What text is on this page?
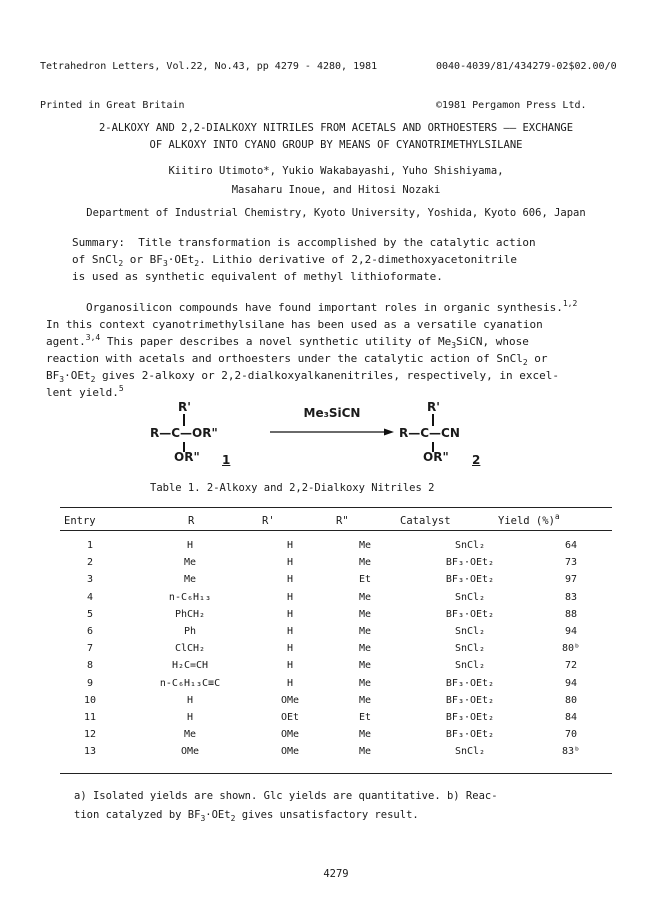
Tetrahedron Letters, Vol.22, No.43, pp 4279 - 4280, 1981

Printed in Great Britain

0040-4039/81/434279-02$02.00/0

©1981 Pergamon Press Ltd.

2-ALKOXY AND 2,2-DIALKOXY NITRILES FROM ACETALS AND ORTHOESTERS —— EXCHANGE
OF ALKOXY INTO CYANO GROUP BY MEANS OF CYANOTRIMETHYLSILANE
Kiitiro Utimoto*, Yukio Wakabayashi, Yuho Shishiyama,
Masaharu Inoue, and Hitosi Nozaki
Department of Industrial Chemistry, Kyoto University, Yoshida, Kyoto 606, Japan
Summary: Title transformation is accomplished by the catalytic action
of SnCl$_2$ or $BF_3\cdot OEt_2$. Lithio derivative of 2,2-dimethoxyacetonitrile
is used as synthetic equivalent of methyl lithioformate.
Organosilicon compounds have found important roles in organic synthesis.$^{1,2}$
In this context cyanotrimethylsilane has been used as a versatile cyanation
agent.$^{3,4}$ This paper describes a novel synthetic utility of $Me_3SiCN$, whose
reaction with acetals and orthoesters under the catalytic action of SnCl$_2$ or
$BF_3\cdot OEt_2$ gives 2-alkoxy or 2,2-dialkoxyalkanenitriles, respectively, in excel-
lent yield.$^5$
R'
R—C—OR"
OR" 1
Me₃SiCN	R'
R—C—CN
OR" 2
Table 1. 2-Alkoxy and 2,2-Dialkoxy Nitriles 2
Entry	R	R'	R"	Catalyst	Yield (%)$^a$
1	H	H	Me	SnCl₂	64
2	Me	H	Me	BF₃·OEt₂	73
3	Me	H	Et	BF₃·OEt₂	97
4	n-C₆H₁₃	H	Me	SnCl₂	83
5	PhCH₂	H	Me	BF₃·OEt₂	88
6	Ph	H	Me	SnCl₂	94
7	ClCH₂	H	Me	SnCl₂	80ᵇ
8	H₂C=CH	H	Me	SnCl₂	72
9	n-C₆H₁₃C≡C	H	Me	BF₃·OEt₂	94
10	H	OMe	Me	BF₃·OEt₂	80
11	H	OEt	Et	BF₃·OEt₂	84
12	Me	OMe	Me	BF₃·OEt₂	70
13	OMe	OMe	Me	SnCl₂	83ᵇ
a) Isolated yields are shown. Glc yields are quantitative. b) Reac-
tion catalyzed by $BF_3\cdot OEt_2$ gives unsatisfactory result.
4279
